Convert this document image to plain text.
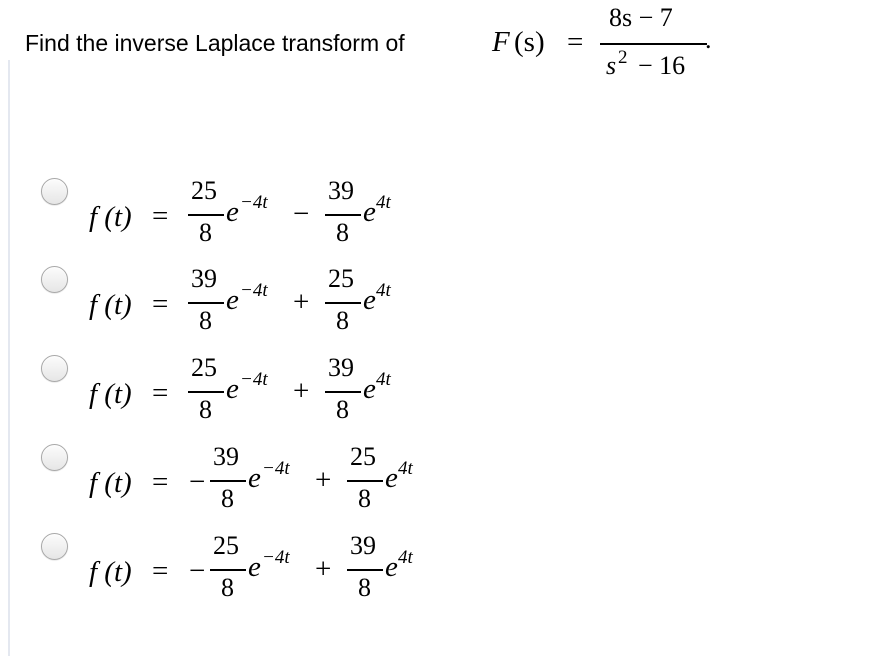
Find the inverse Laplace transform of	F (s) =
8s − 7
s 2 − 16
.
f (t) =
25
8
e −4t −
39
8
e 4t
f (t) =
39
8
e −4t +
25
8
e 4t
f (t) =
25
8
e −4t +
39
8
e 4t
f (t) = −
39
8
e −4t +
25
8
e 4t
f (t) = −
25
8
e −4t +
39
8
e 4t
